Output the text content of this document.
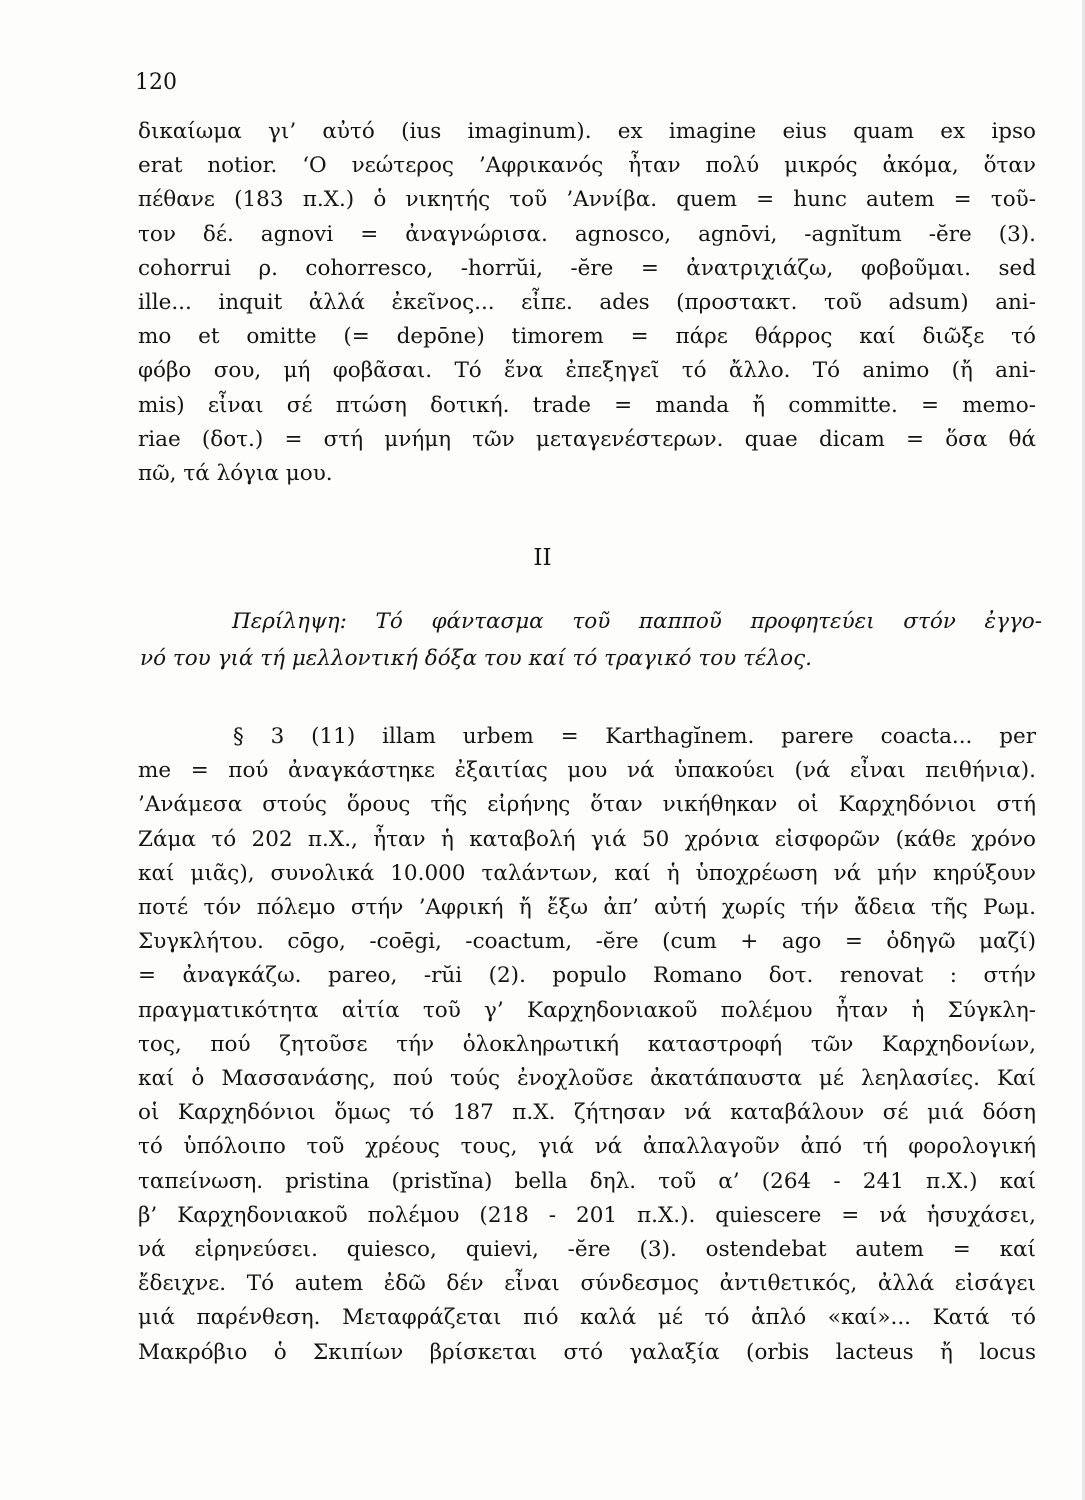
120
δικαίωμα γι’ αὐτό (ius imaginum). ex imagine eius quam ex ipso
erat notior. ‘Ο νεώτερος ’Αφρικανός ἦταν πολύ μικρός ἀκόμα, ὅταν
πέθανε (183 π.Χ.) ὁ νικητής τοῦ ’Αννίβα. quem = hunc autem = τοῦ-
τον δέ. agnovi = ἀναγνώρισα. agnosco, agnōvi, -agnĭtum -ĕre (3).
cohorrui ρ. cohorresco, -horrŭi, -ĕre = ἀνατριχιάζω, φοβοῦμαι. sed
ille... inquit ἀλλά ἐκεῖνος... εἶπε. ades (προστακτ. τοῦ adsum) ani-
mo et omitte (= depōne) timorem = πάρε θάρρος καί διῶξε τό
φόβο σου, μή φοβᾶσαι. Τό ἕνα ἐπεξηγεῖ τό ἄλλο. Τό animo (ἤ ani-
mis) εἶναι σέ πτώση δοτική. trade = manda ἤ committe. = memo-
riae (δοτ.) = στή μνήμη τῶν μεταγενέστερων. quae dicam = ὅσα θά
πῶ, τά λόγια μου.
II
Περίληψη: Τό φάντασμα τοῦ παπποῦ προφητεύει στόν ἐγγο-
νό του γιά τή μελλοντική δόξα του καί τό τραγικό του τέλος.
§ 3 (11) illam urbem = Karthagĭnem. parere coacta... per
me = πού ἀναγκάστηκε ἐξαιτίας μου νά ὑπακούει (νά εἶναι πειθήνια).
’Ανάμεσα στούς ὅρους τῆς εἰρήνης ὅταν νικήθηκαν οἱ Καρχηδόνιοι στή
Ζάμα τό 202 π.Χ., ἦταν ἡ καταβολή γιά 50 χρόνια εἰσφορῶν (κάθε χρόνο
καί μιᾶς), συνολικά 10.000 ταλάντων, καί ἡ ὑποχρέωση νά μήν κηρύξουν
ποτέ τόν πόλεμο στήν ’Αφρική ἤ ἔξω ἀπ’ αὐτή χωρίς τήν ἄδεια τῆς Ρωμ.
Συγκλήτου. cōgo, -coēgi, -coactum, -ĕre (cum + ago = ὁδηγῶ μαζί)
= ἀναγκάζω. pareo, -rŭi (2). populo Romano δοτ. renovat : στήν
πραγματικότητα αἰτία τοῦ γ’ Καρχηδονιακοῦ πολέμου ἦταν ἡ Σύγκλη-
τος, πού ζητοῦσε τήν ὁλοκληρωτική καταστροφή τῶν Καρχηδονίων,
καί ὁ Μασσανάσης, πού τούς ἐνοχλοῦσε ἀκατάπαυστα μέ λεηλασίες. Καί
οἱ Καρχηδόνιοι ὅμως τό 187 π.Χ. ζήτησαν νά καταβάλουν σέ μιά δόση
τό ὑπόλοιπο τοῦ χρέους τους, γιά νά ἀπαλλαγοῦν ἀπό τή φορολογική
ταπείνωση. pristina (pristĭna) bella δηλ. τοῦ α’ (264 - 241 π.Χ.) καί
β’ Καρχηδονιακοῦ πολέμου (218 - 201 π.Χ.). quiescere = νά ἡσυχάσει,
νά εἰρηνεύσει. quiesco, quievi, -ĕre (3). ostendebat autem = καί
ἔδειχνε. Τό autem ἐδῶ δέν εἶναι σύνδεσμος ἀντιθετικός, ἀλλά εἰσάγει
μιά παρένθεση. Μεταφράζεται πιό καλά μέ τό ἁπλό «καί»... Κατά τό
Μακρόβιο ὁ Σκιπίων βρίσκεται στό γαλαξία (orbis lacteus ἤ locus
